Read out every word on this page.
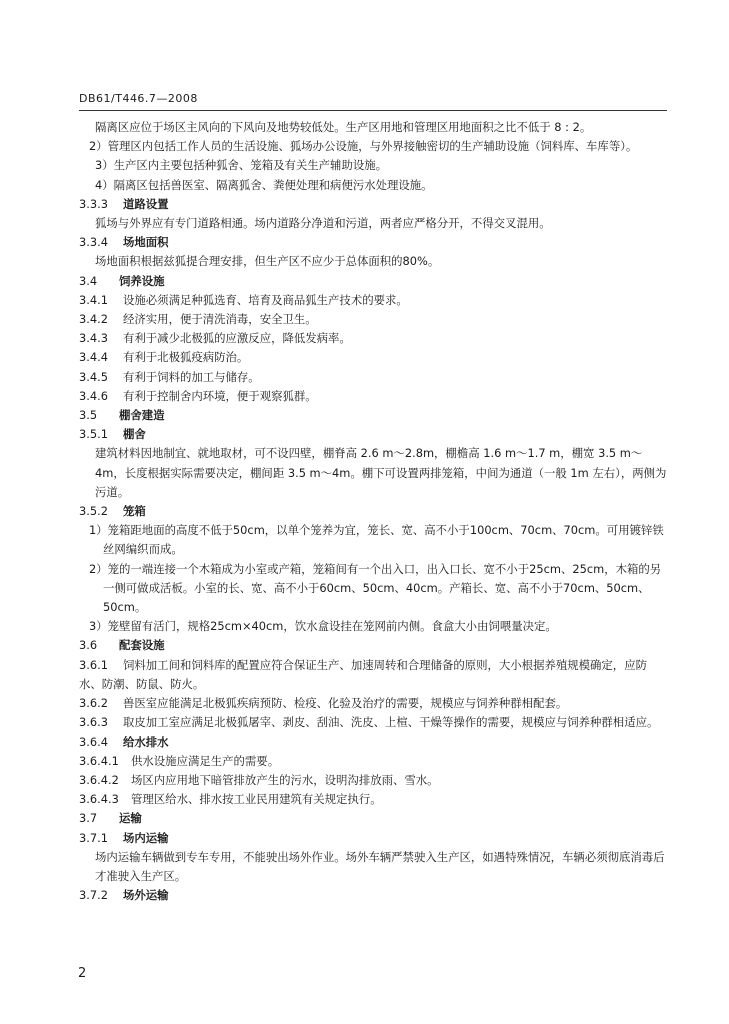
DB61/T446.7—2008
隔离区应位于场区主风向的下风向及地势较低处。生产区用地和管理区用地面积之比不低于 8 : 2。
2）管理区内包括工作人员的生活设施、狐场办公设施，与外界接触密切的生产辅助设施（饲料库、车库等）。
3）生产区内主要包括种狐舍、笼箱及有关生产辅助设施。
4）隔离区包括兽医室、隔离狐舍、粪便处理和病便污水处理设施。
3.3.3 道路设置
狐场与外界应有专门道路相通。场内道路分净道和污道，两者应严格分开，不得交叉混用。
3.3.4 场地面积
场地面积根据兹狐提合理安排，但生产区不应少于总体面积的80%。
3.4 饲养设施
3.4.1 设施必须满足种狐选育、培育及商品狐生产技术的要求。
3.4.2 经济实用，便于清洗消毒，安全卫生。
3.4.3 有利于减少北极狐的应激反应，降低发病率。
3.4.4 有利于北极狐疫病防治。
3.4.5 有利于饲料的加工与储存。
3.4.6 有利于控制舍内环境，便于观察狐群。
3.5 棚舍建造
3.5.1 棚舍
建筑材料因地制宜、就地取材，可不设四壁，棚脊高 2.6 m～2.8m，棚檐高 1.6 m～1.7 m，棚宽 3.5 m～4m，长度根据实际需要决定，棚间距 3.5 m～4m。棚下可设置两排笼箱，中间为通道（一般 1m 左右），两侧为污道。
3.5.2 笼箱
1）笼箱距地面的高度不低于50cm，以单个笼养为宜，笼长、宽、高不小于100cm、70cm、70cm。可用镀锌铁丝网编织而成。
2）笼的一端连接一个木箱成为小室或产箱，笼箱间有一个出入口，出入口长、宽不小于25cm、25cm，木箱的另一侧可做成活板。小室的长、宽、高不小于60cm、50cm、40cm。产箱长、宽、高不小于70cm、50cm、50cm。
3）笼壁留有活门，规格25cm×40cm，饮水盒设挂在笼网前内侧。食盒大小由饲喂量决定。
3.6 配套设施
3.6.1 饲料加工间和饲料库的配置应符合保证生产、加速周转和合理储备的原则，大小根据养殖规模确定，应防水、防潮、防鼠、防火。
3.6.2 兽医室应能满足北极狐疾病预防、检疫、化验及治疗的需要，规模应与饲养种群相配套。
3.6.3 取皮加工室应满足北极狐屠宰、剥皮、刮油、洗皮、上楦、干燥等操作的需要，规模应与饲养种群相适应。
3.6.4 给水排水
3.6.4.1 供水设施应满足生产的需要。
3.6.4.2 场区内应用地下暗管排放产生的污水，设明沟排放雨、雪水。
3.6.4.3 管理区给水、排水按工业民用建筑有关规定执行。
3.7 运输
3.7.1 场内运输
场内运输车辆做到专车专用，不能驶出场外作业。场外车辆严禁驶入生产区，如遇特殊情况，车辆必须彻底消毒后才准驶入生产区。
3.7.2 场外运输
2
